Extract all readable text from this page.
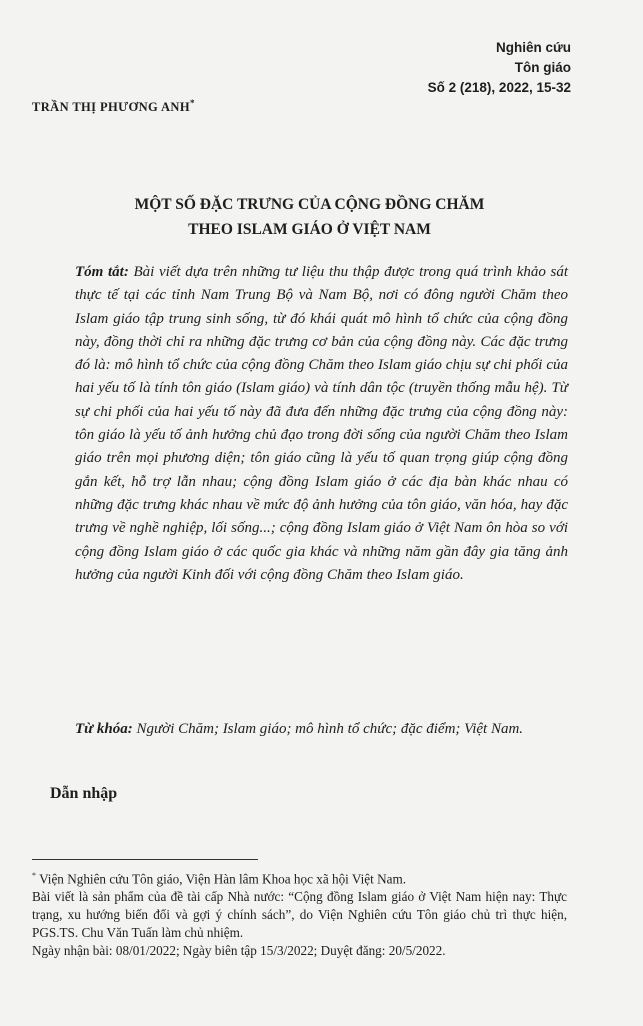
Nghiên cứu
Tôn giáo
Số 2 (218), 2022, 15-32
TRẦN THỊ PHƯƠNG ANH*
MỘT SỐ ĐẶC TRƯNG CỦA CỘNG ĐỒNG CHĂM
THEO ISLAM GIÁO Ở VIỆT NAM

Tóm tắt: Bài viết dựa trên những tư liệu thu thập được trong quá trình khảo sát thực tế tại các tỉnh Nam Trung Bộ và Nam Bộ, nơi có đông người Chăm theo Islam giáo tập trung sinh sống, từ đó khái quát mô hình tổ chức của cộng đồng này, đồng thời chỉ ra những đặc trưng cơ bản của cộng đồng này. Các đặc trưng đó là: mô hình tổ chức của cộng đồng Chăm theo Islam giáo chịu sự chi phối của hai yếu tố là tính tôn giáo (Islam giáo) và tính dân tộc (truyền thống mẫu hệ). Từ sự chi phối của hai yếu tố này đã đưa đến những đặc trưng của cộng đồng này: tôn giáo là yếu tố ảnh hưởng chủ đạo trong đời sống của người Chăm theo Islam giáo trên mọi phương diện; tôn giáo cũng là yếu tố quan trọng giúp cộng đồng gắn kết, hỗ trợ lẫn nhau; cộng đồng Islam giáo ở các địa bàn khác nhau có những đặc trưng khác nhau về mức độ ảnh hưởng của tôn giáo, văn hóa, hay đặc trưng về nghề nghiệp, lối sống...; cộng đồng Islam giáo ở Việt Nam ôn hòa so với cộng đồng Islam giáo ở các quốc gia khác và những năm gần đây gia tăng ảnh hưởng của người Kinh đối với cộng đồng Chăm theo Islam giáo.

Từ khóa: Người Chăm; Islam giáo; mô hình tổ chức; đặc điểm; Việt Nam.

Dẫn nhập

* Viện Nghiên cứu Tôn giáo, Viện Hàn lâm Khoa học xã hội Việt Nam.

Bài viết là sản phẩm của đề tài cấp Nhà nước: “Cộng đồng Islam giáo ở Việt Nam hiện nay: Thực trạng, xu hướng biến đổi và gợi ý chính sách”, do Viện Nghiên cứu Tôn giáo chủ trì thực hiện, PGS.TS. Chu Văn Tuấn làm chủ nhiệm.

Ngày nhận bài: 08/01/2022; Ngày biên tập 15/3/2022; Duyệt đăng: 20/5/2022.
